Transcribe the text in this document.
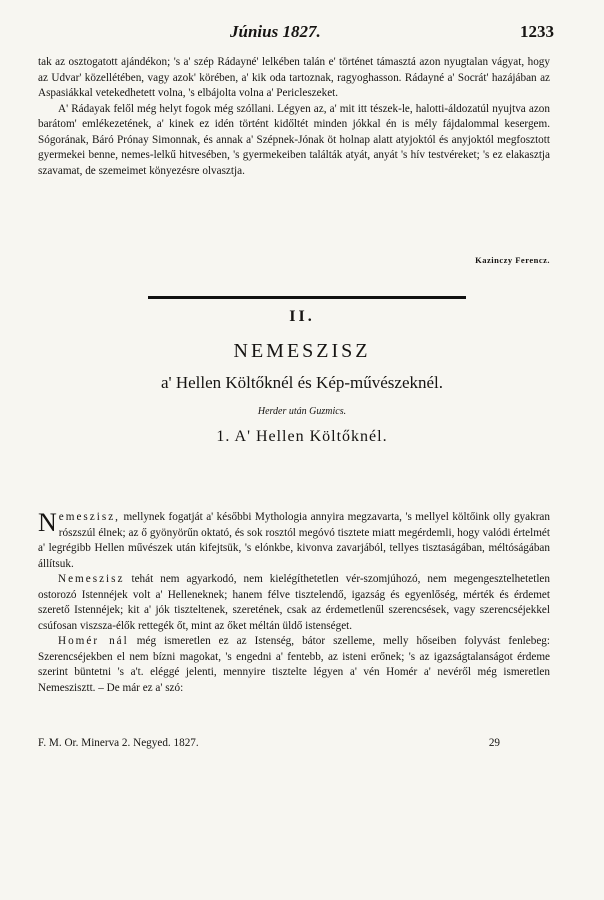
Június 1827.	1233

tak az osztogatott ajándékon; 's a' szép Rádayné' lelkében talán e' történet támasztá azon nyugtalan vágyat, hogy az Udvar' közellétében, vagy azok' körében, a' kik oda tartoznak, ragyoghasson. Rádayné a' Socrát' hazájában az Aspasiákkal vetekedhetett volna, 's elbájolta volna a' Pericleszeket.

A' Rádayak felől még helyt fogok még szóllani. Légyen az, a' mit itt tészek-le, halotti-áldozatúl nyujtva azon barátom' emlékezetének, a' kinek ez idén történt kidőltét minden jókkal én is mély fájdalommal kesergem. Sógorának, Báró Prónay Simonnak, és annak a' Szépnek-Jónak öt holnap alatt atyjoktól és anyjoktól megfosztott gyermekei benne, nemes-lelkű hitvesében, 's gyermekeiben találták atyát, anyát 's hív testvéreket; 's ez elakasztja szavamat, de szemeimet könyezésre olvasztja.

Kazinczy Ferencz.
II.
NEMESZISZ
a' Hellen Költőknél és Kép-művészeknél.
Herder után Guzmics.
1. A' Hellen Költőknél.

Nemeszisz, mellynek fogatját a' későbbi Mythologia annyira megzavarta, 's mellyel költőink olly gyakran rószszúl élnek; az ő gyönyörűn oktató, és sok rosztól megóvó tisztete miatt megérdemli, hogy valódi értelmét a' legrégibb Hellen művészek után kifejtsük, 's elónkbe, kivonva zavarjából, tellyes tisztaságában, méltóságában állítsuk.

Nemeszisz tehát nem agyarkodó, nem kielégíthetetlen vér-szomjúhozó, nem megengesztelhetetlen ostorozó Istennéjek volt a' Helleneknek; hanem félve tisztelendő, igazság és egyenlőség, mérték és érdemet szerető Istennéjek; kit a' jók tiszteltenek, szeretének, csak az érdemetlenűl szerencsések, vagy szerencséjekkel csúfosan viszsza-élők rettegék őt, mint az őket méltán üldő istenséget.

Homér nál még ismeretlen ez az Istenség, bátor szelleme, melly hőseiben folyvást fenlebeg: Szerencséjekben el nem bízni magokat, 's engedni a' fentebb, az isteni erőnek; 's az igazságtalanságot érdeme szerint büntetni 's a't. eléggé jelenti, mennyire tisztelte légyen a' vén Homér a' nevéről még ismeretlen Nemeszisztt. – De már ez a' szó:

F. M. Or. Minerva 2. Negyed. 1827.	29
